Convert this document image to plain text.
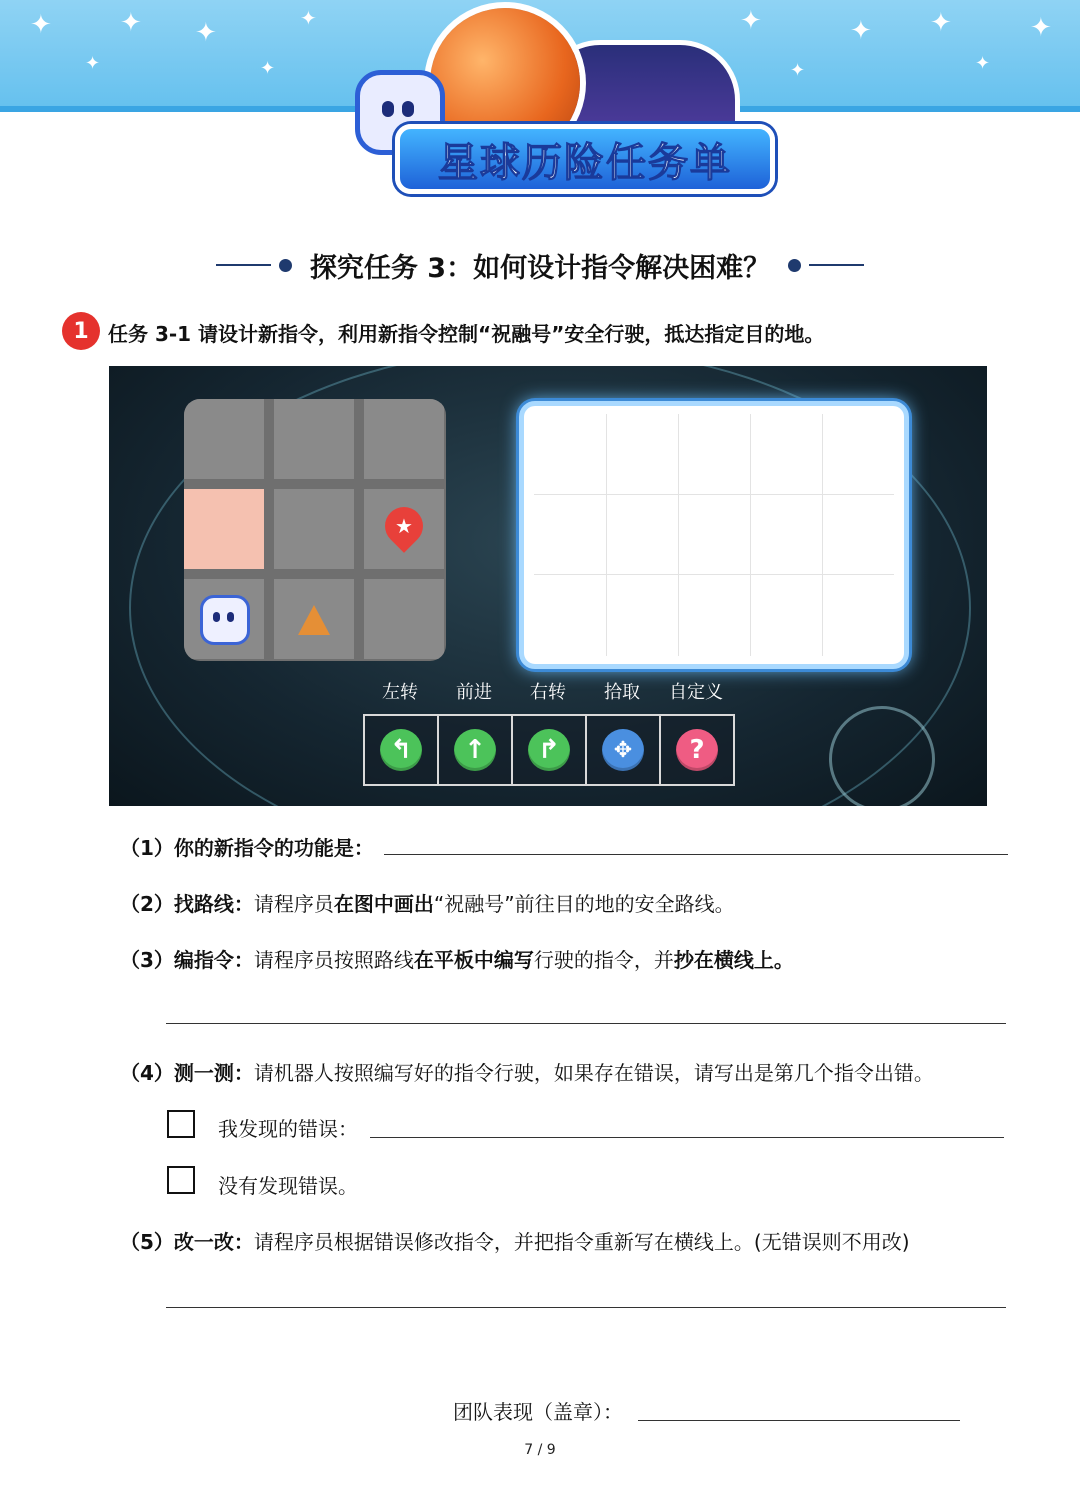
✦
✦
✦ ✦
✦
✦	✦
✦
✦ ✦
✦
✦
星球历险任务单
探究任务 3：如何设计指令解决困难？
1 任务 3-1 请设计新指令，利用新指令控制“祝融号”安全行驶，抵达指定目的地。
★
左转	前进	右转	拾取	自定义
↰	↑	↱	✥	?
（1）你的新指令的功能是：
（2）找路线：请程序员在图中画出“祝融号”前往目的地的安全路线。
（3）编指令：请程序员按照路线在平板中编写行驶的指令，并抄在横线上。
（4）测一测：请机器人按照编写好的指令行驶，如果存在错误，请写出是第几个指令出错。
我发现的错误：
没有发现错误。
（5）改一改：请程序员根据错误修改指令，并把指令重新写在横线上。(无错误则不用改)
团队表现（盖章）：
7 / 9
